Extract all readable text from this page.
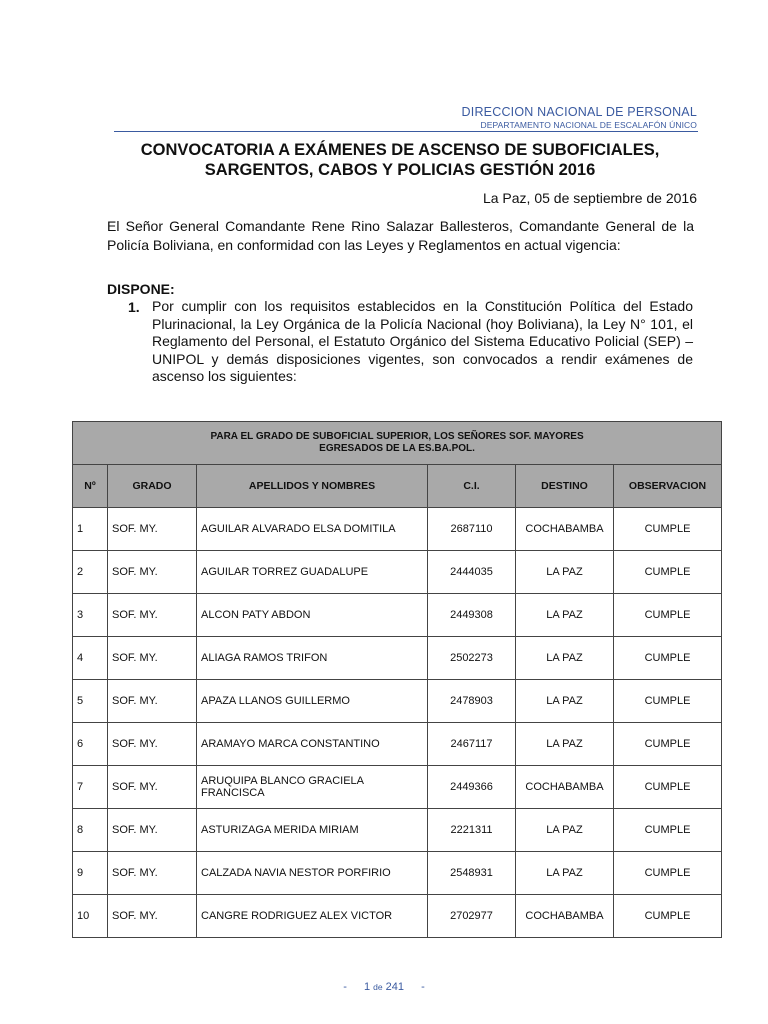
DIRECCION NACIONAL DE PERSONAL
DEPARTAMENTO NACIONAL DE ESCALAFÓN ÚNICO
CONVOCATORIA A EXÁMENES DE ASCENSO DE SUBOFICIALES,
SARGENTOS, CABOS Y POLICIAS GESTIÓN 2016
La Paz, 05 de septiembre de 2016
El Señor General Comandante Rene Rino Salazar Ballesteros, Comandante General de la Policía Boliviana, en conformidad con las Leyes y Reglamentos en actual vigencia:
DISPONE:
1. Por cumplir con los requisitos establecidos en la Constitución Política del Estado Plurinacional, la Ley Orgánica de la Policía Nacional (hoy Boliviana), la Ley N° 101, el Reglamento del Personal, el Estatuto Orgánico del Sistema Educativo Policial (SEP) – UNIPOL y demás disposiciones vigentes, son convocados a rendir exámenes de ascenso los siguientes:
PARA EL GRADO DE SUBOFICIAL SUPERIOR, LOS SEÑORES SOF. MAYORES
EGRESADOS DE LA ES.BA.POL.					

Nº	GRADO	APELLIDOS Y NOMBRES	C.I.	DESTINO	OBSERVACION
1	SOF. MY.	AGUILAR ALVARADO ELSA DOMITILA	2687110	COCHABAMBA	CUMPLE
2	SOF. MY.	AGUILAR TORREZ GUADALUPE	2444035	LA PAZ	CUMPLE
3	SOF. MY.	ALCON PATY ABDON	2449308	LA PAZ	CUMPLE
4	SOF. MY.	ALIAGA RAMOS TRIFON	2502273	LA PAZ	CUMPLE
5	SOF. MY.	APAZA LLANOS GUILLERMO	2478903	LA PAZ	CUMPLE
6	SOF. MY.	ARAMAYO MARCA CONSTANTINO	2467117	LA PAZ	CUMPLE
7	SOF. MY.	ARUQUIPA BLANCO GRACIELA FRANCISCA	2449366	COCHABAMBA	CUMPLE
8	SOF. MY.	ASTURIZAGA MERIDA MIRIAM	2221311	LA PAZ	CUMPLE
9	SOF. MY.	CALZADA NAVIA NESTOR PORFIRIO	2548931	LA PAZ	CUMPLE
10	SOF. MY.	CANGRE RODRIGUEZ ALEX VICTOR	2702977	COCHABAMBA	CUMPLE
- 1 de 241 -
